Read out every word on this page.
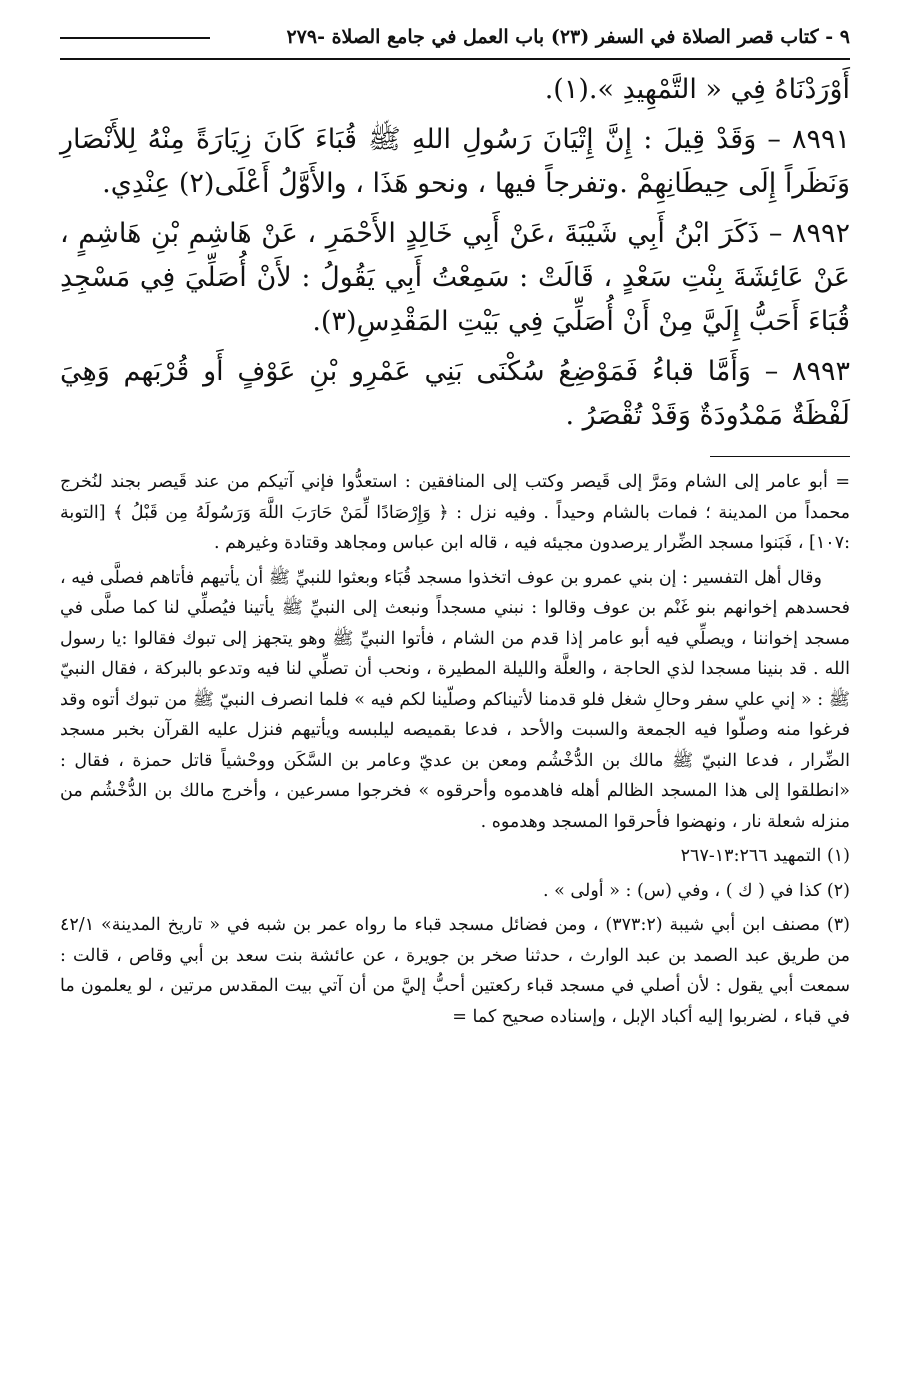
٩ - كتاب قصر الصلاة في السفر (٢٣) باب العمل في جامع الصلاة -٢٧٩

أَوْرَدْنَاهُ فِي « التَّمْهِيدِ ».(١).

٨٩٩١ – وَقَدْ قِيلَ : إِنَّ إِتْيَانَ رَسُولِ اللهِ ﷺ قُبَاءَ كَانَ زِيَارَةً مِنْهُ لِلأَنْصَارِ وَنَظَراً إِلَى حِيطَانِهِمْ .وتفرجاً فيها ، ونحو هَذَا ، والأَوَّلُ أَعْلَى(٢) عِنْدِي.

٨٩٩٢ – ذَكَرَ ابْنُ أَبِي شَيْبَةَ ،عَنْ أَبِي خَالِدٍ الأَحْمَرِ ، عَنْ هَاشِمِ بْنِ هَاشِمٍ ، عَنْ عَائِشَةَ بِنْتِ سَعْدٍ ، قَالَتْ : سَمِعْتُ أَبِي يَقُولُ : لأَنْ أُصَلِّيَ فِي مَسْجِدِ قُبَاءَ أَحَبُّ إِلَيَّ مِنْ أَنْ أُصَلِّيَ فِي بَيْتِ المَقْدِسِ(٣).

٨٩٩٣ – وَأَمَّا قباءُ فَمَوْضِعُ سُكْنَى بَنِي عَمْرِو بْنِ عَوْفٍ أَو قُرْبَهم وَهِيَ لَفْظَةٌ مَمْدُودَةٌ وَقَدْ تُقْصَرُ .

= أبو عامر إلى الشام ومَرَّ إلى قَيصر وكتب إلى المنافقين : استعدُّوا فإني آتيكم من عند قَيصر بجند لنُخرج محمداً من المدينة ؛ فمات بالشام وحيداً . وفيه نزل : ﴿ وَإِرْصَادًا لِّمَنْ حَارَبَ اللَّهَ وَرَسُولَهُ مِن قَبْلُ ﴾ [التوبة :١٠٧] ، فَبَنوا مسجد الضِّرار يرصدون مجيئه فيه ، قاله ابن عباس ومجاهد وقتادة وغيرهم .

وقال أهل التفسير : إن بني عمرو بن عوف اتخذوا مسجد قُبَاء وبعثوا للنبيِّ ﷺ أن يأتيهم فأتاهم فصلَّى فيه ، فحسدهم إخوانهم بنو غَنْم بن عوف وقالوا : نبني مسجداً ونبعث إلى النبيِّ ﷺ يأتينا فيُصلِّي لنا كما صلَّى في مسجد إخواننا ، ويصلِّي فيه أبو عامر إذا قدم من الشام ، فأتوا النبيِّ ﷺ وهو يتجهز إلى تبوك فقالوا :يا رسول الله . قد بنينا مسجدا لذي الحاجة ، والعلَّة والليلة المطيرة ، ونحب أن تصلِّي لنا فيه وتدعو بالبركة ، فقال النبيّ ﷺ : « إني علي سفر وحالِ شغل فلو قدمنا لأتيناكم وصلّينا لكم فيه » فلما انصرف النبيّ ﷺ من تبوك أتوه وقد فرغوا منه وصلّوا فيه الجمعة والسبت والأحد ، فدعا بقميصه ليلبسه ويأتيهم فنزل عليه القرآن بخبر مسجد الضِّرار ، فدعا النبيّ ﷺ مالك بن الدُّخْشُم ومعن بن عديّ وعامر بن السَّكَن ووحْشياً قاتل حمزة ، فقال : «انطلقوا إلى هذا المسجد الظالم أهله فاهدموه وأحرقوه » فخرجوا مسرعين ، وأخرج مالك بن الدُّخْشُم من منزله شعلة نار ، ونهضوا فأحرقوا المسجد وهدموه .

(١) التمهيد ١٣:٢٦٦-٢٦٧

(٢) كذا في ( ك ) ، وفي (س) : « أولى » .

(٣) مصنف ابن أبي شيبة (٣٧٣:٢) ، ومن فضائل مسجد قباء ما رواه عمر بن شبه في « تاريخ المدينة» ٤٢/١ من طريق عبد الصمد بن عبد الوارث ، حدثنا صخر بن جويرة ، عن عائشة بنت سعد بن أبي وقاص ، قالت : سمعت أبي يقول : لأن أصلي في مسجد قباء ركعتين أحبُّ إليَّ من أن آتي بيت المقدس مرتين ، لو يعلمون ما في قباء ، لضربوا إليه أكباد الإبل ، وإسناده صحيح كما =
